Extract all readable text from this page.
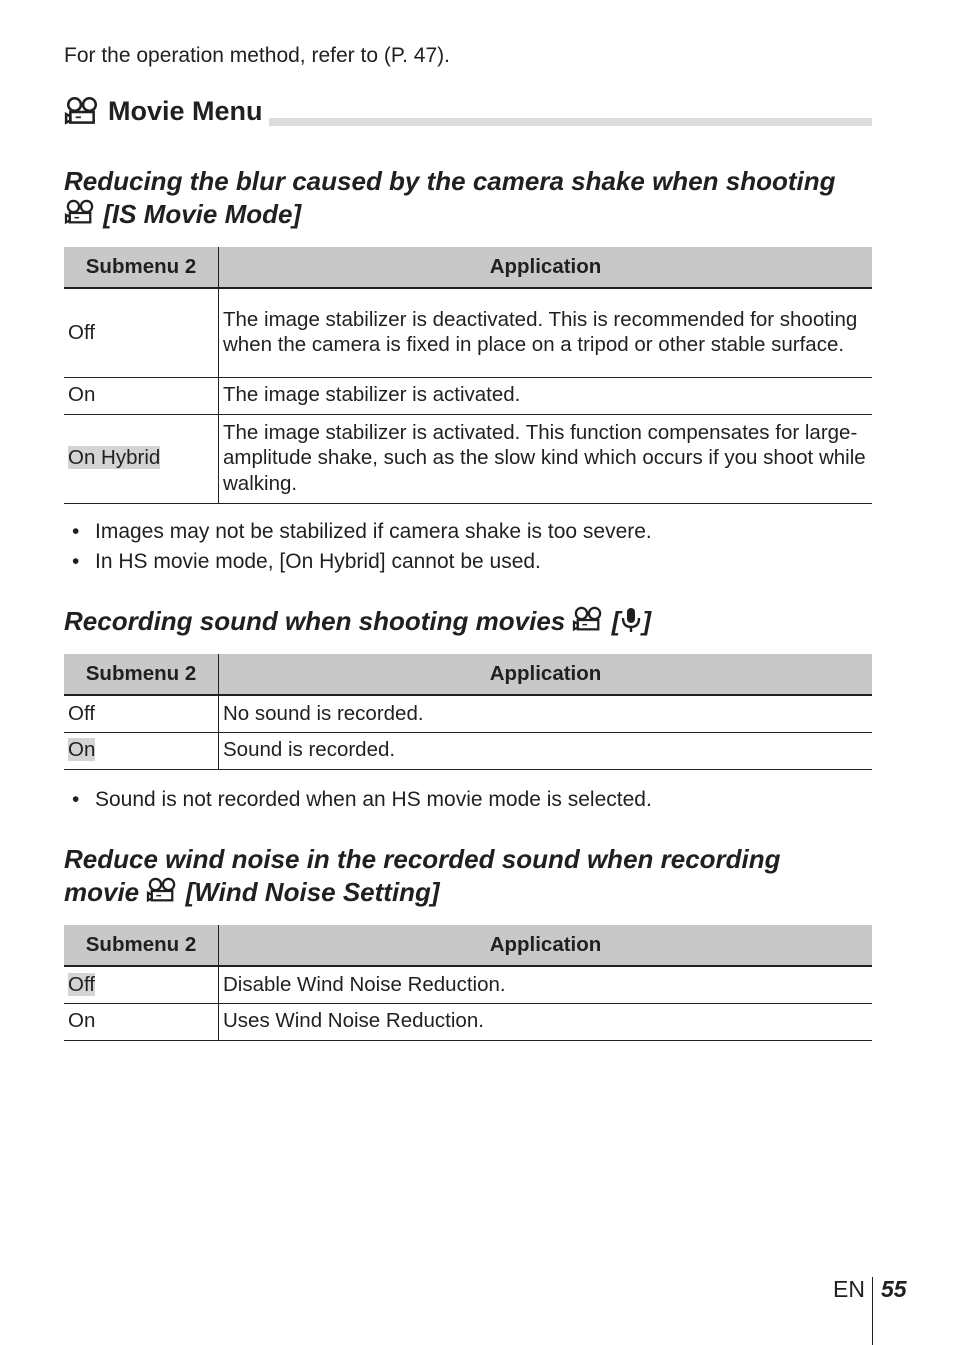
For the operation method, refer to (P. 47).
Movie Menu
Reducing the blur caused by the camera shake when shooting
[IS Movie Mode]
Submenu 2	Application
Off	The image stabilizer is deactivated. This is recommended for shooting when the camera is fixed in place on a tripod or other stable surface.
On	The image stabilizer is activated.
On Hybrid	The image stabilizer is activated. This function compensates for large-amplitude shake, such as the slow kind which occurs if you shoot while walking.
• Images may not be stabilized if camera shake is too severe.
• In HS movie mode, [On Hybrid] cannot be used.
Recording sound when shooting movies [ ]
Submenu 2	Application
Off	No sound is recorded.
On	Sound is recorded.
• Sound is not recorded when an HS movie mode is selected.
Reduce wind noise in the recorded sound when recording
movie [Wind Noise Setting]
Submenu 2	Application
Off	Disable Wind Noise Reduction.
On	Uses Wind Noise Reduction.
EN 55
